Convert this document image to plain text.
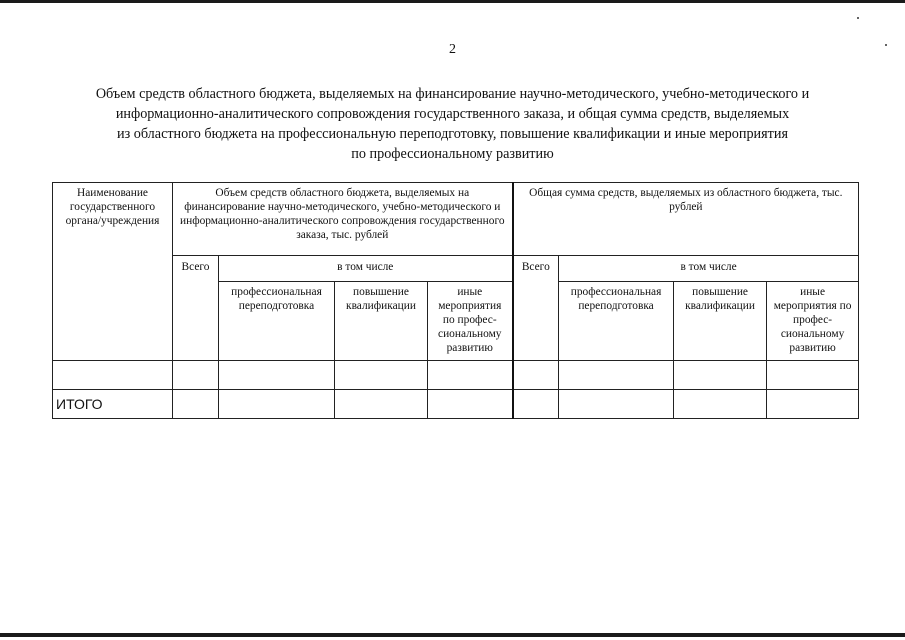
2
Объем средств областного бюджета, выделяемых на финансирование научно-методического, учебно-методического и
информационно-аналитического сопровождения государственного заказа, и общая сумма средств, выделяемых
из областного бюджета на профессиональную переподготовку, повышение квалификации и иные мероприятия
по профессиональному развитию
Наименование государственного органа/учреждения	Объем средств областного бюджета, выделяемых на финансирование научно-методического, учебно-методического и информационно-аналитического сопровождения государственного заказа, тыс. рублей				Общая сумма средств, выделяемых из областного бюджета, тыс. рублей			
	Всего	в том числе			Всего	в том числе		
		профессиональная переподготовка	повышение квалификации	иные мероприятия по профес-сиональному развитию		профессиональная переподготовка	повышение квалификации	иные мероприятия по профес-сиональному развитию

ИТОГО								
